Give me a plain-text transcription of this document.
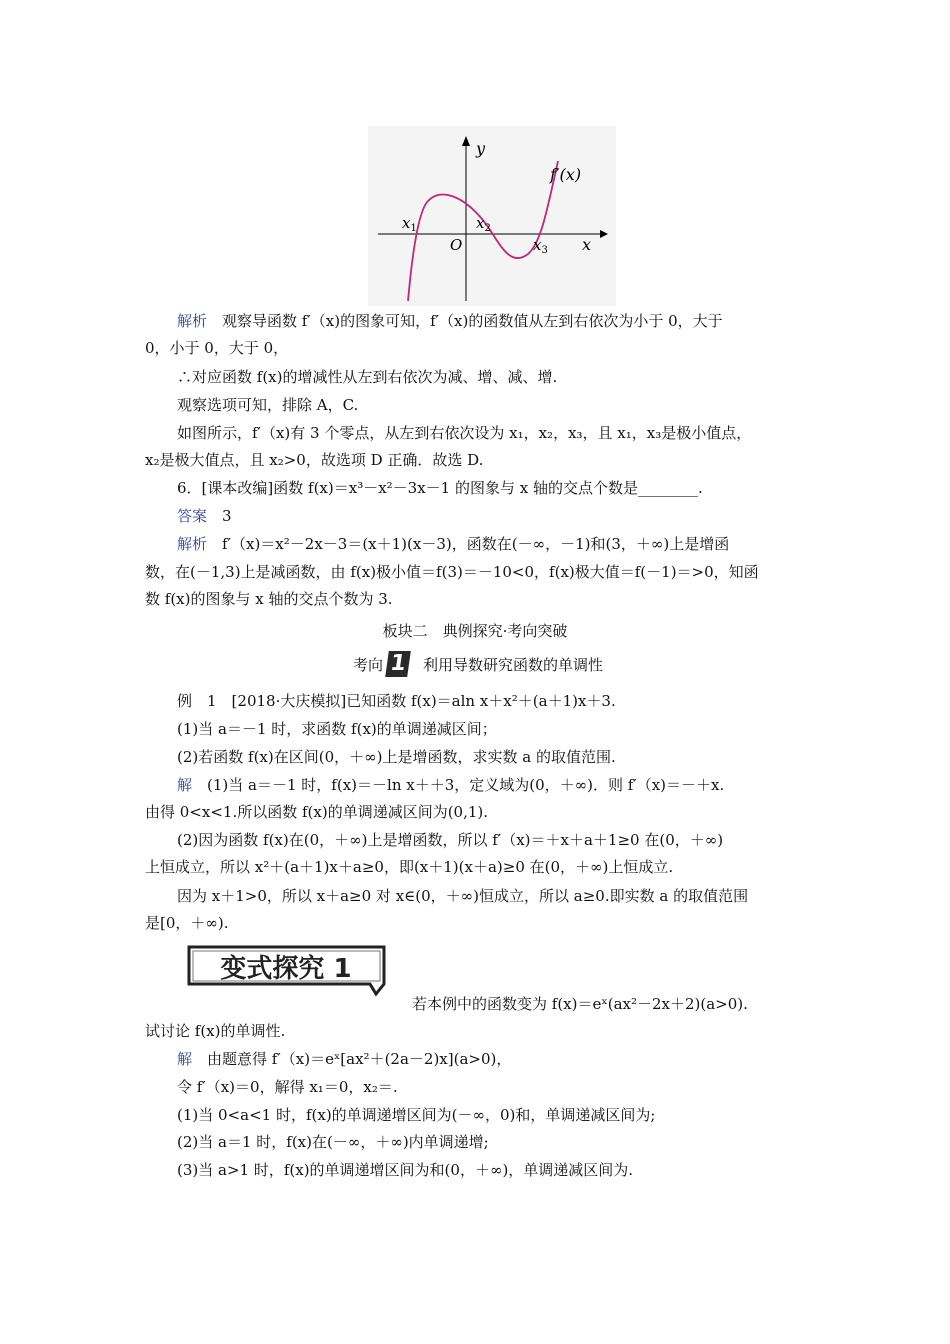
y
x
O
f′(x)
$x_1$	$x_2$
$x_3$
解析　 观察导函数 f′（x)的图象可知，f′（x)的函数值从左到右依次为小于 0，大于
0，小于 0，大于 0，
∴对应函数 f(x)的增减性从左到右依次为减、增、减、增.
观察选项可知，排除 A，C.
如图所示，f′（x)有 3 个零点，从左到右依次设为 x₁，x₂，x₃，且 x₁，x₃是极小值点，
x₂是极大值点，且 x₂>0，故选项 D 正确．故选 D.
6．[课本改编]函数 f(x)＝x³－x²－3x－1 的图象与 x 轴的交点个数是________.
答案　 3
解析　 f′（x)＝x²－2x－3＝(x＋1)(x－3)，函数在(－∞，－1)和(3，＋∞)上是增函
数，在(－1,3)上是减函数，由 f(x)极小值＝f(3)＝－10<0，f(x)极大值＝f(－1)＝>0，知函
数 f(x)的图象与 x 轴的交点个数为 3.
板块二　典例探究·考向突破
考向 1 利用导数研究函数的单调性
例　1　[2018·大庆模拟]已知函数 f(x)＝aln x＋x²＋(a＋1)x＋3.
(1)当 a＝－1 时，求函数 f(x)的单调递减区间；
(2)若函数 f(x)在区间(0，＋∞)上是增函数，求实数 a 的取值范围.
解　 (1)当 a＝－1 时，f(x)＝－ln x＋＋3，定义域为(0，＋∞)．则 f′（x)＝－＋x.
由得 0<x<1.所以函数 f(x)的单调递减区间为(0,1).
(2)因为函数 f(x)在(0，＋∞)上是增函数，所以 f′（x)＝＋x＋a＋1≥0 在(0，＋∞)
上恒成立，所以 x²＋(a＋1)x＋a≥0，即(x＋1)(x＋a)≥0 在(0，＋∞)上恒成立.
因为 x＋1>0，所以 x＋a≥0 对 x∈(0，＋∞)恒成立，所以 a≥0.即实数 a 的取值范围
是[0，＋∞).
变式探究 1
若本例中的函数变为 f(x)＝eˣ(ax²－2x＋2)(a>0).
试讨论 f(x)的单调性.
解　 由题意得 f′（x)＝eˣ[ax²＋(2a－2)x](a>0)，
令 f′（x)＝0，解得 x₁＝0，x₂＝.
(1)当 0<a<1 时，f(x)的单调递增区间为(－∞，0)和，单调递减区间为;
(2)当 a＝1 时，f(x)在(－∞，＋∞)内单调递增;
(3)当 a>1 时，f(x)的单调递增区间为和(0，＋∞)，单调递减区间为.
